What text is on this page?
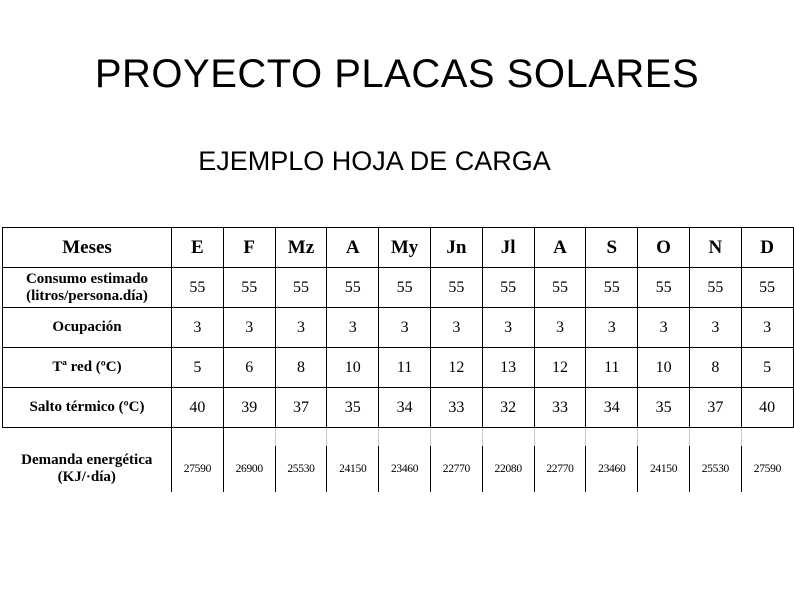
PROYECTO PLACAS SOLARES
EJEMPLO HOJA DE CARGA
Meses	E	F	Mz	A	My	Jn	Jl	A	S	O	N	D

Consumo estimado
(litros/persona.día)	55	55	55	55	55	55	55	55	55	55	55	55
Ocupación	3	3	3	3	3	3	3	3	3	3	3	3
Tª red (ºC)	5	6	8	10	11	12	13	12	11	10	8	5
Salto térmico (ºC)	40	39	37	35	34	33	32	33	34	35	37	40

Demanda energética
(KJ/·día)	27590	26900	25530	24150	23460	22770	22080	22770	23460	24150	25530	27590
